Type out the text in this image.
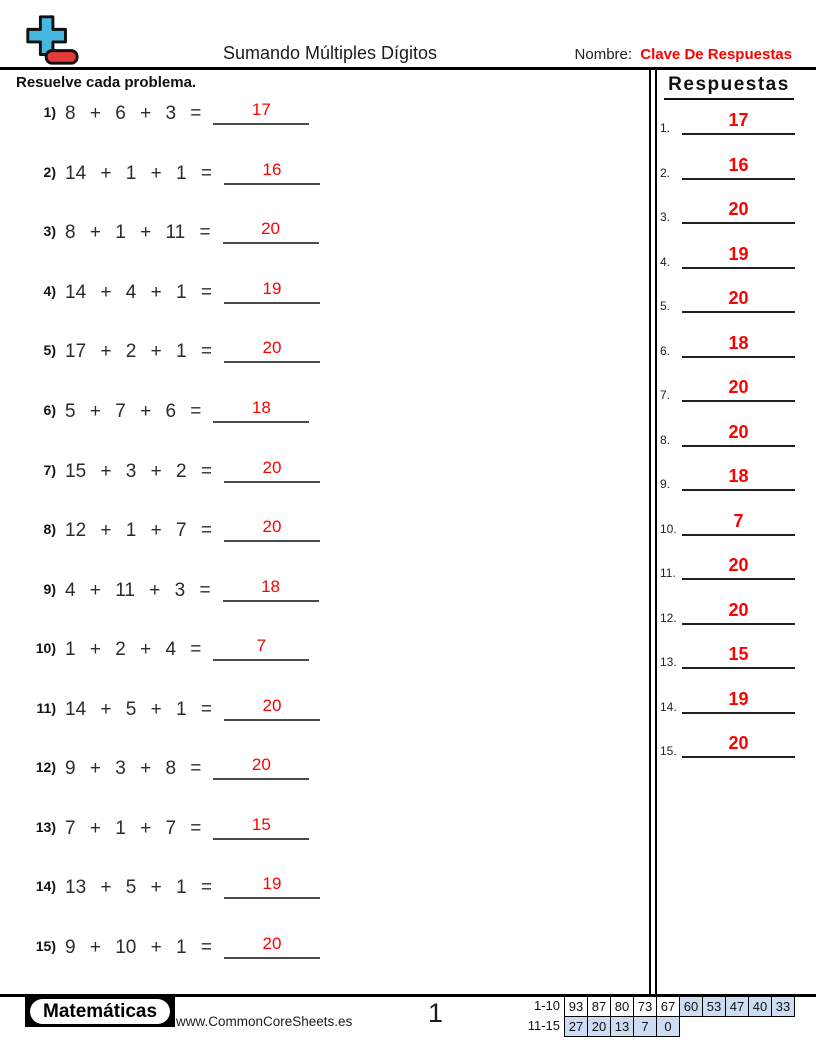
Sumando Múltiples Dígitos	Nombre: Clave De Respuestas
Resuelve cada problema.
1) 8 + 6 + 3 =	17
2) 14 + 1 + 1 =	16
3) 8 + 1 + 11 =	20
4) 14 + 4 + 1 =	19
5) 17 + 2 + 1 =	20
6) 5 + 7 + 6 =	18
7) 15 + 3 + 2 =	20
8) 12 + 1 + 7 =	20
9) 4 + 11 + 3 =	18
10) 1 + 2 + 4 =	7
11) 14 + 5 + 1 =	20
12) 9 + 3 + 8 =	20
13) 7 + 1 + 7 =	15
14) 13 + 5 + 1 =	19
15) 9 + 10 + 1 =	20
Respuestas
1.	17
2.	16
3.	20
4.	19
5.	20
6.	18
7.	20
8.	20
9.	18
10.	7
11.	20
12.	20
13.	15
14.	19
15.	20
Matemáticas	www.CommonCoreSheets.es	1	1-10 93 87 80 73 67 60 53 47 40 33
11-15 27 20 13 7	0
